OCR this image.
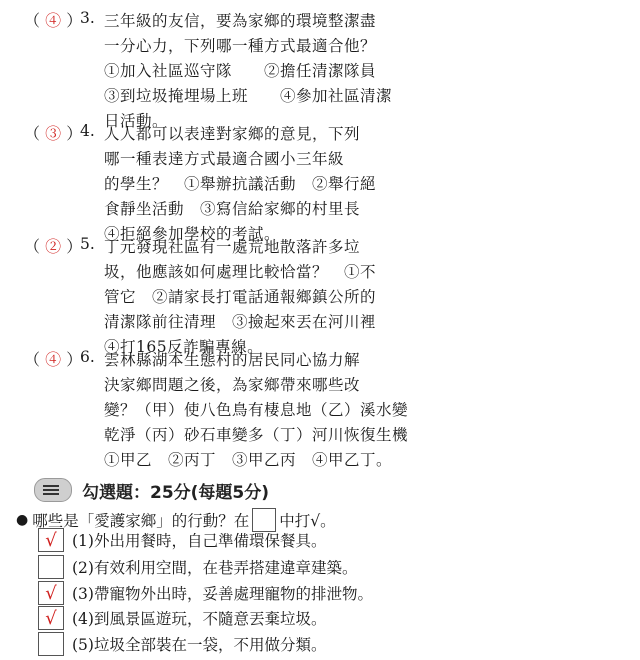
（ ④ ）
3. 三年級的友信，要為家鄉的環境整潔盡
一分心力，下列哪一種方式最適合他？
①加入社區巡守隊　　②擔任清潔隊員
③到垃圾掩埋場上班　　④參加社區清潔
日活動。
（ ③ ）
4. 人人都可以表達對家鄉的意見，下列
哪一種表達方式最適合國小三年級
的學生？　①舉辦抗議活動　②舉行絕
食靜坐活動　③寫信給家鄉的村里長
④拒絕參加學校的考試。
（ ② ）
5. 丁元發現社區有一處荒地散落許多垃
圾，他應該如何處理比較恰當？　①不
管它　②請家長打電話通報鄉鎮公所的
清潔隊前往清理　③撿起來丟在河川裡
④打165反詐騙專線。
（ ④ ）
6. 雲林縣湖本生態村的居民同心協力解
決家鄉問題之後，為家鄉帶來哪些改
變？（甲）使八色鳥有棲息地（乙）溪水變
乾淨（丙）砂石車變多（丁）河川恢復生機
①甲乙　②丙丁　③甲乙丙　④甲乙丁。
勾選題：25分(每題5分)
● 哪些是「愛護家鄉」的行動？在 中打√。
√ (1)外出用餐時，自己準備環保餐具。
(2)有效利用空間，在巷弄搭建違章建築。
√ (3)帶寵物外出時，妥善處理寵物的排泄物。
√ (4)到風景區遊玩，不隨意丟棄垃圾。
(5)垃圾全部裝在一袋，不用做分類。
